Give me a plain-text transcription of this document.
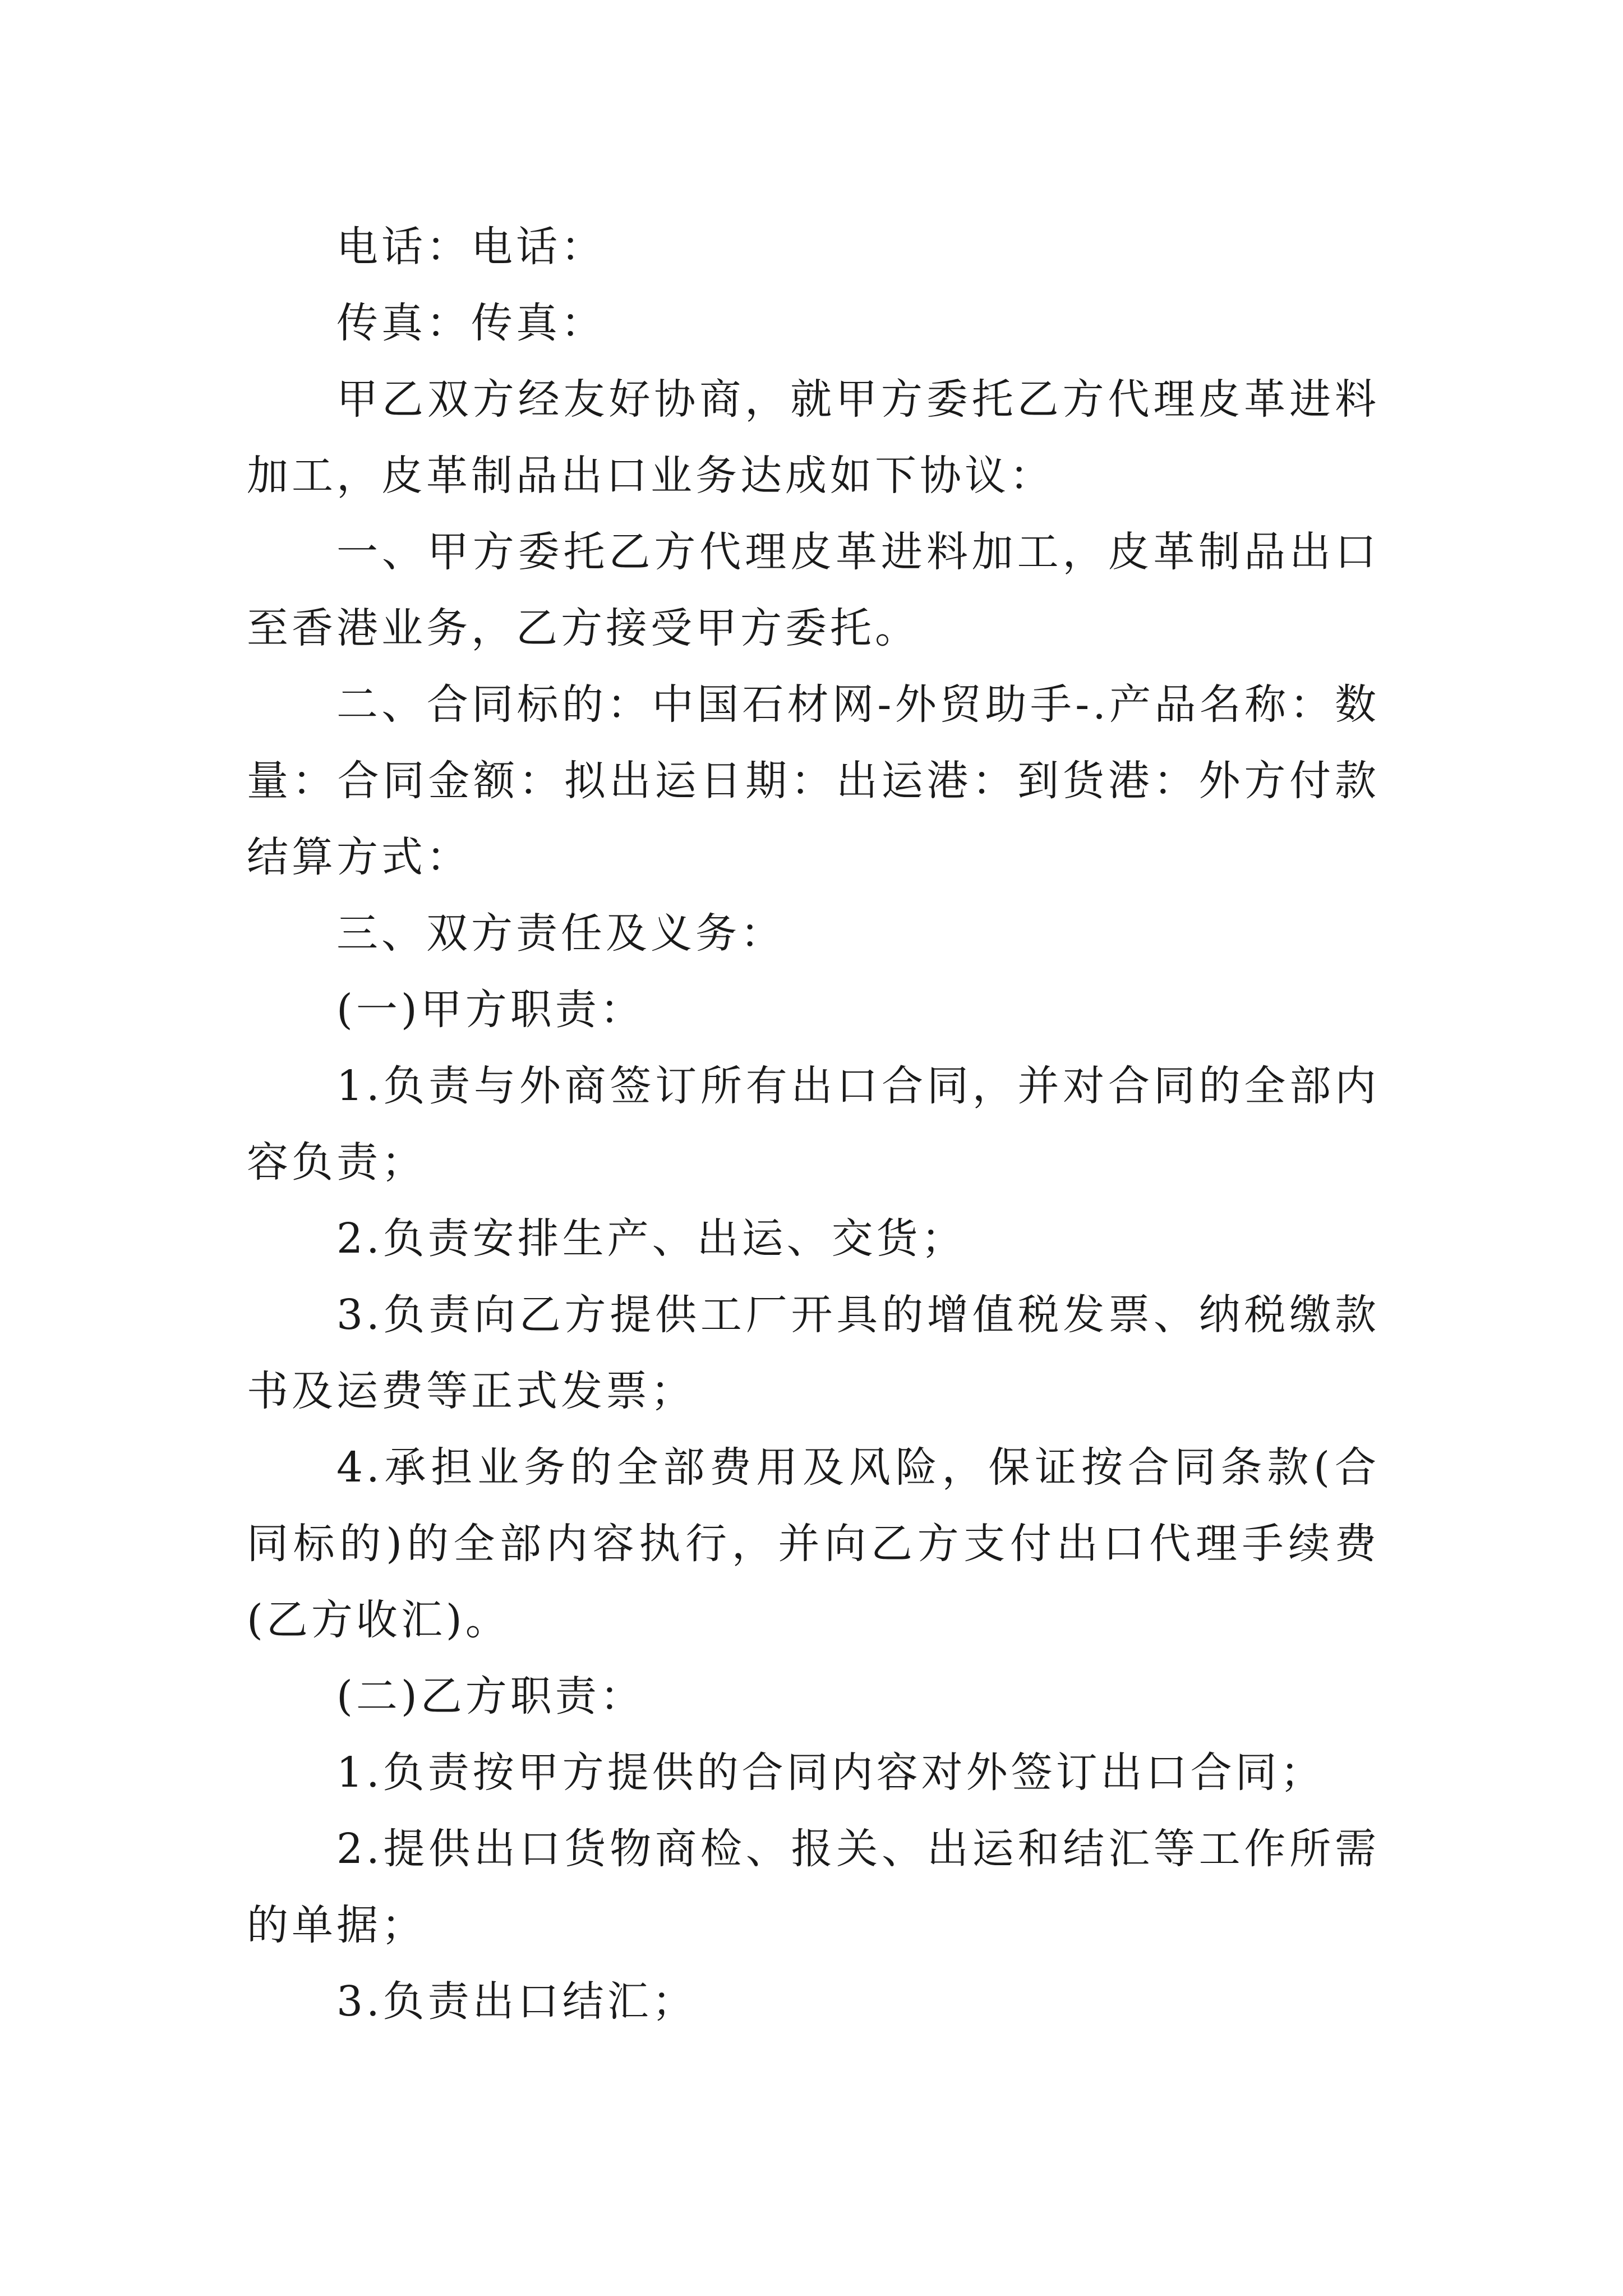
电话：电话：

传真：传真：

甲乙双方经友好协商，就甲方委托乙方代理皮革进料加工，皮革制品出口业务达成如下协议：

一、甲方委托乙方代理皮革进料加工，皮革制品出口至香港业务，乙方接受甲方委托。

二、合同标的：中国石材网-外贸助手-.产品名称：数量：合同金额：拟出运日期：出运港：到货港：外方付款结算方式：

三、双方责任及义务：

(一)甲方职责：

1.负责与外商签订所有出口合同，并对合同的全部内容负责；

2.负责安排生产、出运、交货；

3.负责向乙方提供工厂开具的增值税发票、纳税缴款书及运费等正式发票；

4.承担业务的全部费用及风险，保证按合同条款(合同标的)的全部内容执行，并向乙方支付出口代理手续费(乙方收汇)。

(二)乙方职责：

1.负责按甲方提供的合同内容对外签订出口合同；

2.提供出口货物商检、报关、出运和结汇等工作所需的单据；

3.负责出口结汇；
